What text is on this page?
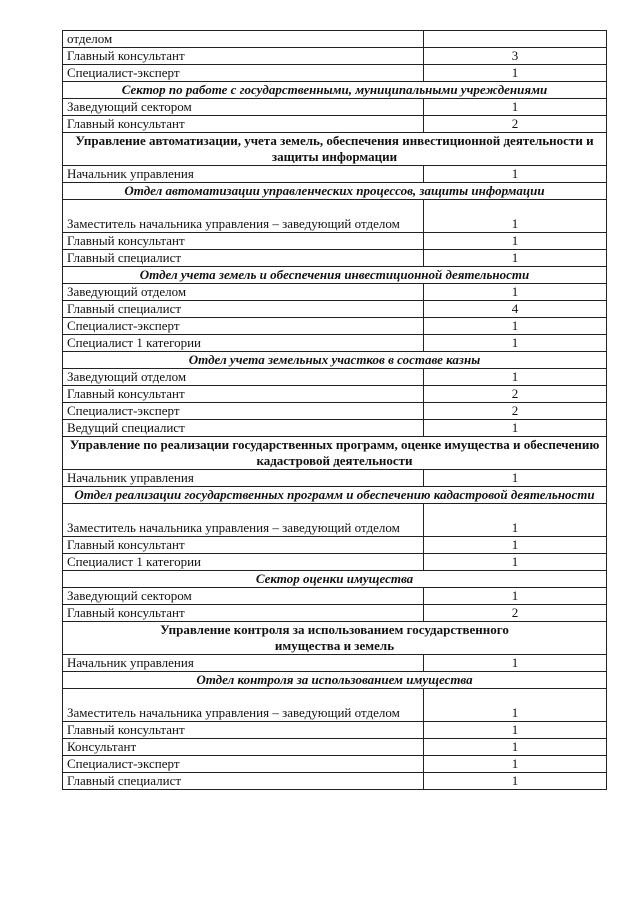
отделом	
Главный консультант	3
Специалист-эксперт	1
Сектор по работе с государственными, муниципальными учреждениями	
Заведующий сектором	1
Главный консультант	2
Управление автоматизации, учета земель, обеспечения инвестиционной деятельности и защиты информации	
Начальник управления	1
Отдел автоматизации управленческих процессов, защиты информации	
Заместитель начальника управления – заведующий отделом	1
Главный консультант	1
Главный специалист	1
Отдел учета земель и обеспечения инвестиционной деятельности	
Заведующий отделом	1
Главный специалист	4
Специалист-эксперт	1
Специалист 1 категории	1
Отдел учета земельных участков в составе казны	
Заведующий отделом	1
Главный консультант	2
Специалист-эксперт	2
Ведущий специалист	1
Управление по реализации государственных программ, оценке имущества и обеспечению кадастровой деятельности	
Начальник управления	1
Отдел реализации государственных программ и обеспечению кадастровой деятельности	
Заместитель начальника управления – заведующий отделом	1
Главный консультант	1
Специалист 1 категории	1
Сектор оценки имущества	
Заведующий сектором	1
Главный консультант	2
Управление контроля за использованием государственного имущества и земель	
Начальник управления	1
Отдел контроля за использованием имущества	
Заместитель начальника управления – заведующий отделом	1
Главный консультант	1
Консультант	1
Специалист-эксперт	1
Главный специалист	1
